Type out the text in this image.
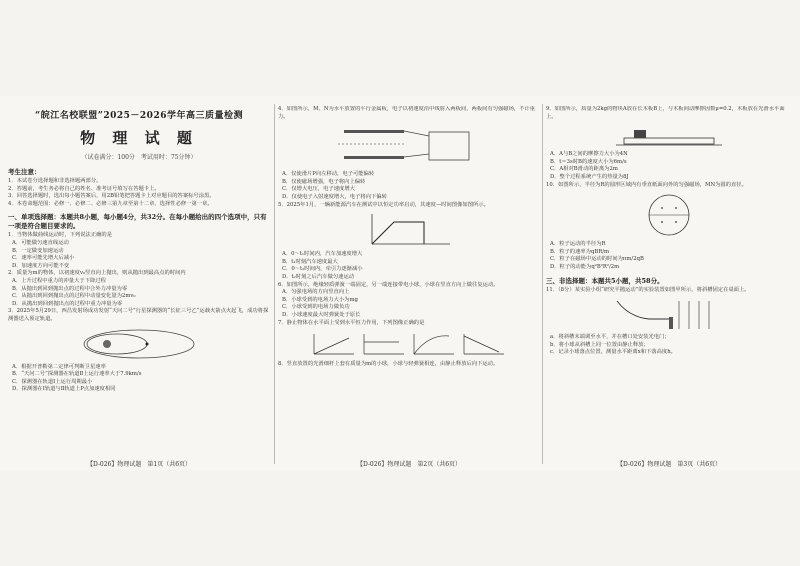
“皖江名校联盟”2025－2026学年高三质量检测
物 理 试 题
（试卷满分：100分　考试用时：75分钟）
考生注意：
1．本试卷分选择题和非选择题两部分。
2．答题前，考生务必将自己的姓名、准考证号填写在答题卡上。
3．回答选择题时，选出每小题答案后，用2B铅笔把答题卡上对应题目的答案标号涂黑。
4．本卷命题范围：必修一、必修二、必修三第九章至第十二章、选择性必修一第一章。
一、单项选择题：本题共8小题，每小题4分，共32分。在每小题给出的四个选项中，只有一项是符合题目要求的。
1．当物体做曲线运动时，下列说法正确的是
A．可能做匀速直线运动
B．一定做变加速运动
C．速率可能先增大后减小
D．加速度方向可能不变
2．质量为m的物体，以初速度v₀竖直向上抛出，则从抛出到最高点的时间内
A．上升过程中重力的冲量大于下降过程
B．从抛出到回到抛出点的过程中合外力冲量为零
C．从抛出到回到抛出点的过程中动量变化量为2mv₀
D．从抛出到回到抛出点的过程中重力冲量为零
3．2025年5月29日，西昌发射场成功发射“天问二号”行星探测器的“长征三号乙”运载火箭点火起飞，成功将探测器送入预定轨道。
A．根据开普勒第二定律可判断卫星速率
B．“天问二号”探测器在轨道Ⅱ上运行速率大于7.9km/s
C．探测器在轨道Ⅰ上运行周期最小
D．探测器在Ⅰ轨道与Ⅱ轨道上P点加速度相同
【D-026】物理试题　第1页（共6页）
4．如图所示，M、N为水平放置的平行金属板，电子以初速度沿中线射入两板间，两板间有匀强磁场，不计重力。
A．仅使滑片P向左移动，电子可能偏转
B．仅使磁场增强，电子将向上偏转
C．仅增大电压，电子速度增大
D．仅使电子入射速度增大，电子将向下偏转
5．2025年1月，一辆新能源汽车在测试中以恒定功率启动，其速度—时间图像如图所示。
A．0～t₁时间内，汽车加速度增大
B．t₁时刻汽车速度最大
C．0～t₂时间内，牵引力逐渐减小
D．t₂时刻之后汽车做匀速运动
6．如图所示，绝缘轻质弹簧一端固定，另一端连接带电小球，小球在竖直方向上做往复运动。
A．匀强电场的方向竖直向上
B．小球受到的电场力大小为mg
C．小球受到的电场力做负功
D．小球速度最大时弹簧处于原长
7．静止物体在水平面上受到水平恒力作用，下列图像正确的是
8．竖直放置的光滑细杆上套有质量为m的小球，小球与轻弹簧相连，由静止释放后向下运动。
【D-026】物理试题　第2页（共6页）
9．如图所示，质量为2kg的物块A放在长木板B上，与木板间动摩擦因数μ=0.2，木板放在光滑水平面上。
A．A与B之间的摩擦力大小为4N
B．t＝3s时B的速度大小为6m/s
C．A相对B滑动的距离为2m
D．整个过程系统产生的热量为8J
10．如图所示，半径为R的圆形区域内有垂直纸面向外的匀强磁场，MN为圆的直径。
A．粒子运动的半径为R
B．粒子的速率为qBR/m
C．粒子在磁场中运动的时间为πm/2qB
D．粒子的动能为q²B²R²/2m
三、非选择题：本题共5小题，共58分。
11．（8分）某实验小组“研究平抛运动”的实验装置如图甲所示，将斜槽固定在桌面上。
a．将斜槽末端调至水平，并在槽口处安装光电门；
b．将小球从斜槽上同一位置由静止释放；
c．记录小球落点位置，测量水平距离x和下落高度h。
【D-026】物理试题　第3页（共6页）
